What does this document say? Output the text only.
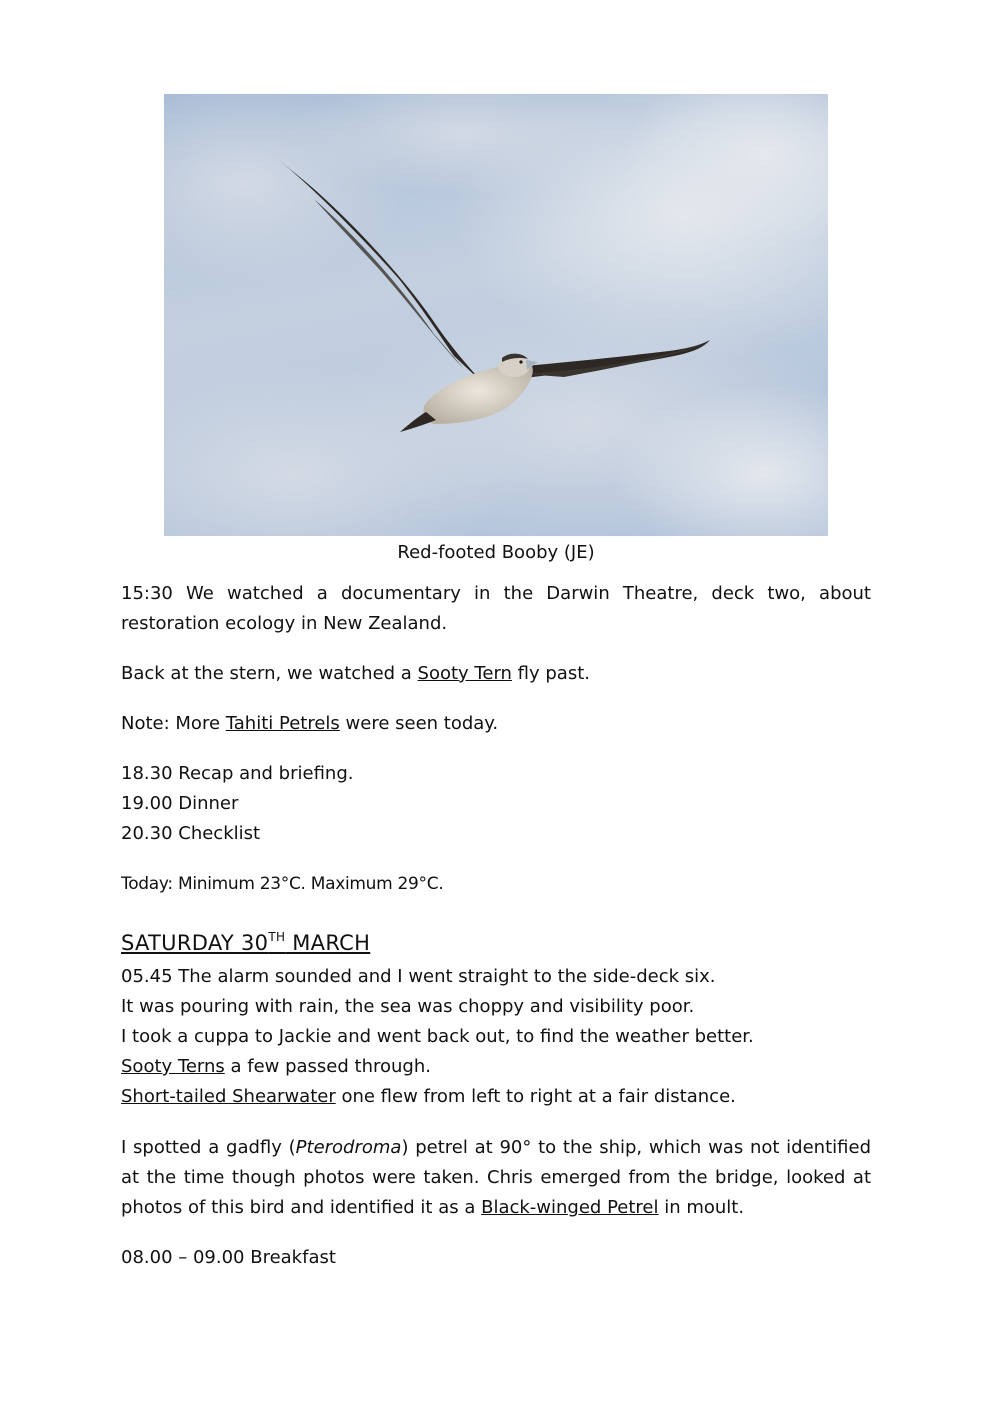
Red-footed Booby (JE)

15:30 We watched a documentary in the Darwin Theatre, deck two, about restoration ecology in New Zealand.

Back at the stern, we watched a Sooty Tern fly past.

Note: More Tahiti Petrels were seen today.

18.30 Recap and briefing.
19.00 Dinner
20.30 Checklist

Today: Minimum 23°C. Maximum 29°C.

SATURDAY 30TH MARCH
05.45 The alarm sounded and I went straight to the side-deck six.
It was pouring with rain, the sea was choppy and visibility poor.
I took a cuppa to Jackie and went back out, to find the weather better.
Sooty Terns a few passed through.
Short-tailed Shearwater one flew from left to right at a fair distance.

I spotted a gadfly (Pterodroma) petrel at 90° to the ship, which was not identified at the time though photos were taken. Chris emerged from the bridge, looked at photos of this bird and identified it as a Black-winged Petrel in moult.

08.00 – 09.00 Breakfast
